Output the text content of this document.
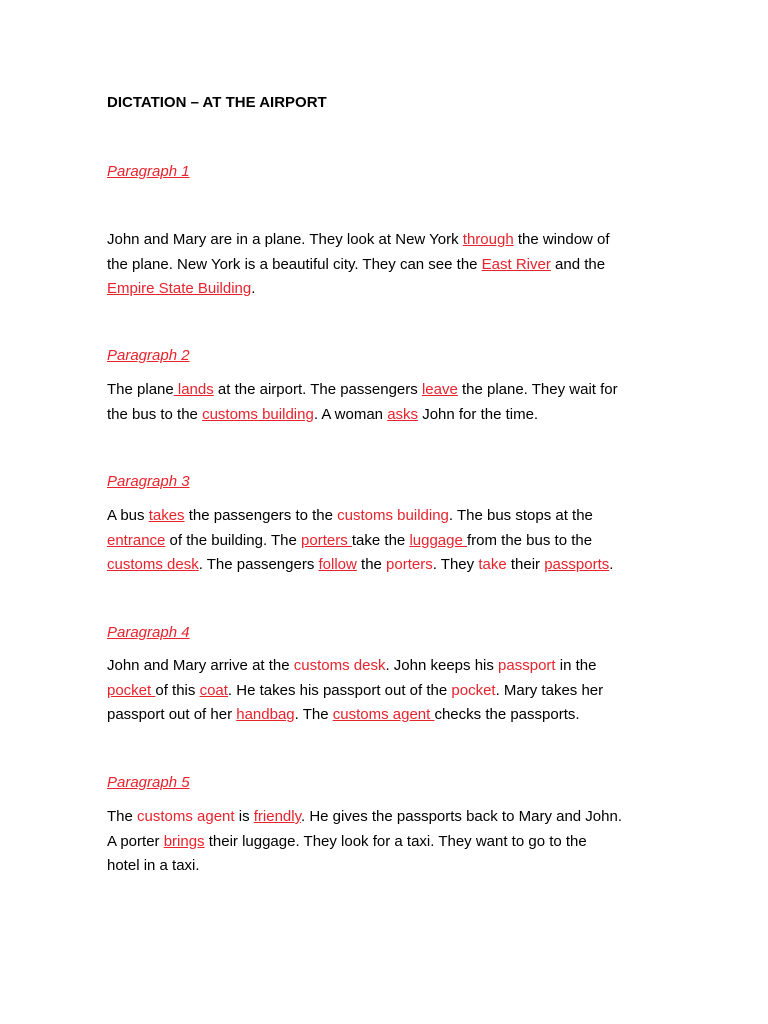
DICTATION – AT THE AIRPORT
Paragraph 1
John and Mary are in a plane. They look at New York through the window of
the plane. New York is a beautiful city. They can see the East River and the
Empire State Building.
Paragraph 2
The plane lands at the airport. The passengers leave the plane. They wait for
the bus to the customs building. A woman asks John for the time.
Paragraph 3
A bus takes the passengers to the customs building. The bus stops at the
entrance of the building. The porters take the luggage from the bus to the
customs desk. The passengers follow the porters. They take their passports.
Paragraph 4
John and Mary arrive at the customs desk. John keeps his passport in the
pocket of this coat. He takes his passport out of the pocket. Mary takes her
passport out of her handbag. The customs agent checks the passports.
Paragraph 5
The customs agent is friendly. He gives the passports back to Mary and John.
A porter brings their luggage. They look for a taxi. They want to go to the
hotel in a taxi.
